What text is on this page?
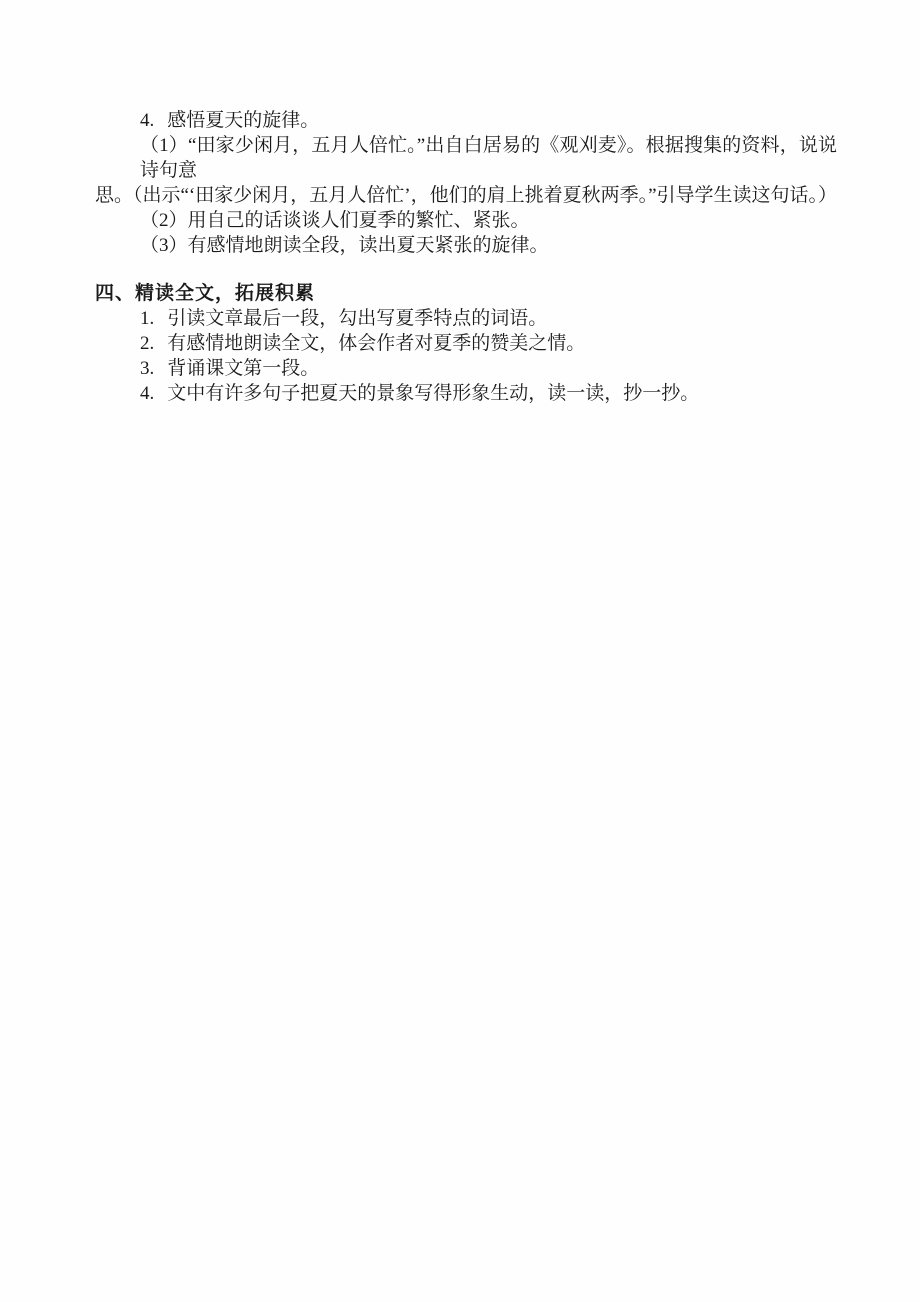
4. 感悟夏天的旋律。
（1）“田家少闲月，五月人倍忙。”出自白居易的《观刈麦》。根据搜集的资料，说说诗句意
思。（出示“‘田家少闲月，五月人倍忙’，他们的肩上挑着夏秋两季。”引导学生读这句话。）
（2）用自己的话谈谈人们夏季的繁忙、紧张。
（3）有感情地朗读全段，读出夏天紧张的旋律。
四、精读全文，拓展积累
1. 引读文章最后一段，勾出写夏季特点的词语。
2. 有感情地朗读全文，体会作者对夏季的赞美之情。
3. 背诵课文第一段。
4. 文中有许多句子把夏天的景象写得形象生动，读一读，抄一抄。
